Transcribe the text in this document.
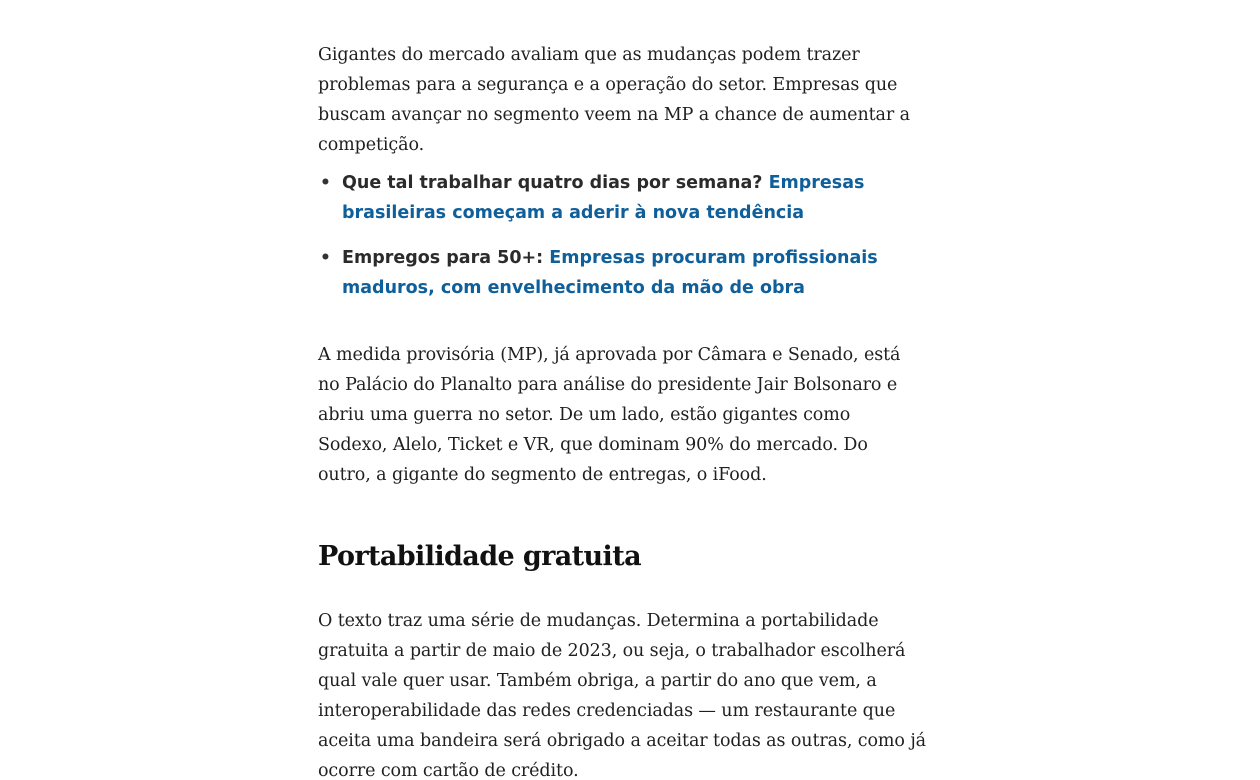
Gigantes do mercado avaliam que as mudanças podem trazer problemas para a segurança e a operação do setor. Empresas que buscam avançar no segmento veem na MP a chance de aumentar a competição.

• Que tal trabalhar quatro dias por semana? Empresas brasileiras começam a aderir à nova tendência
• Empregos para 50+: Empresas procuram profissionais maduros, com envelhecimento da mão de obra

A medida provisória (MP), já aprovada por Câmara e Senado, está no Palácio do Planalto para análise do presidente Jair Bolsonaro e abriu uma guerra no setor. De um lado, estão gigantes como Sodexo, Alelo, Ticket e VR, que dominam 90% do mercado. Do outro, a gigante do segmento de entregas, o iFood.

Portabilidade gratuita

O texto traz uma série de mudanças. Determina a portabilidade gratuita a partir de maio de 2023, ou seja, o trabalhador escolherá qual vale quer usar. Também obriga, a partir do ano que vem, a interoperabilidade das redes credenciadas — um restaurante que aceita uma bandeira será obrigado a aceitar todas as outras, como já ocorre com cartão de crédito.
